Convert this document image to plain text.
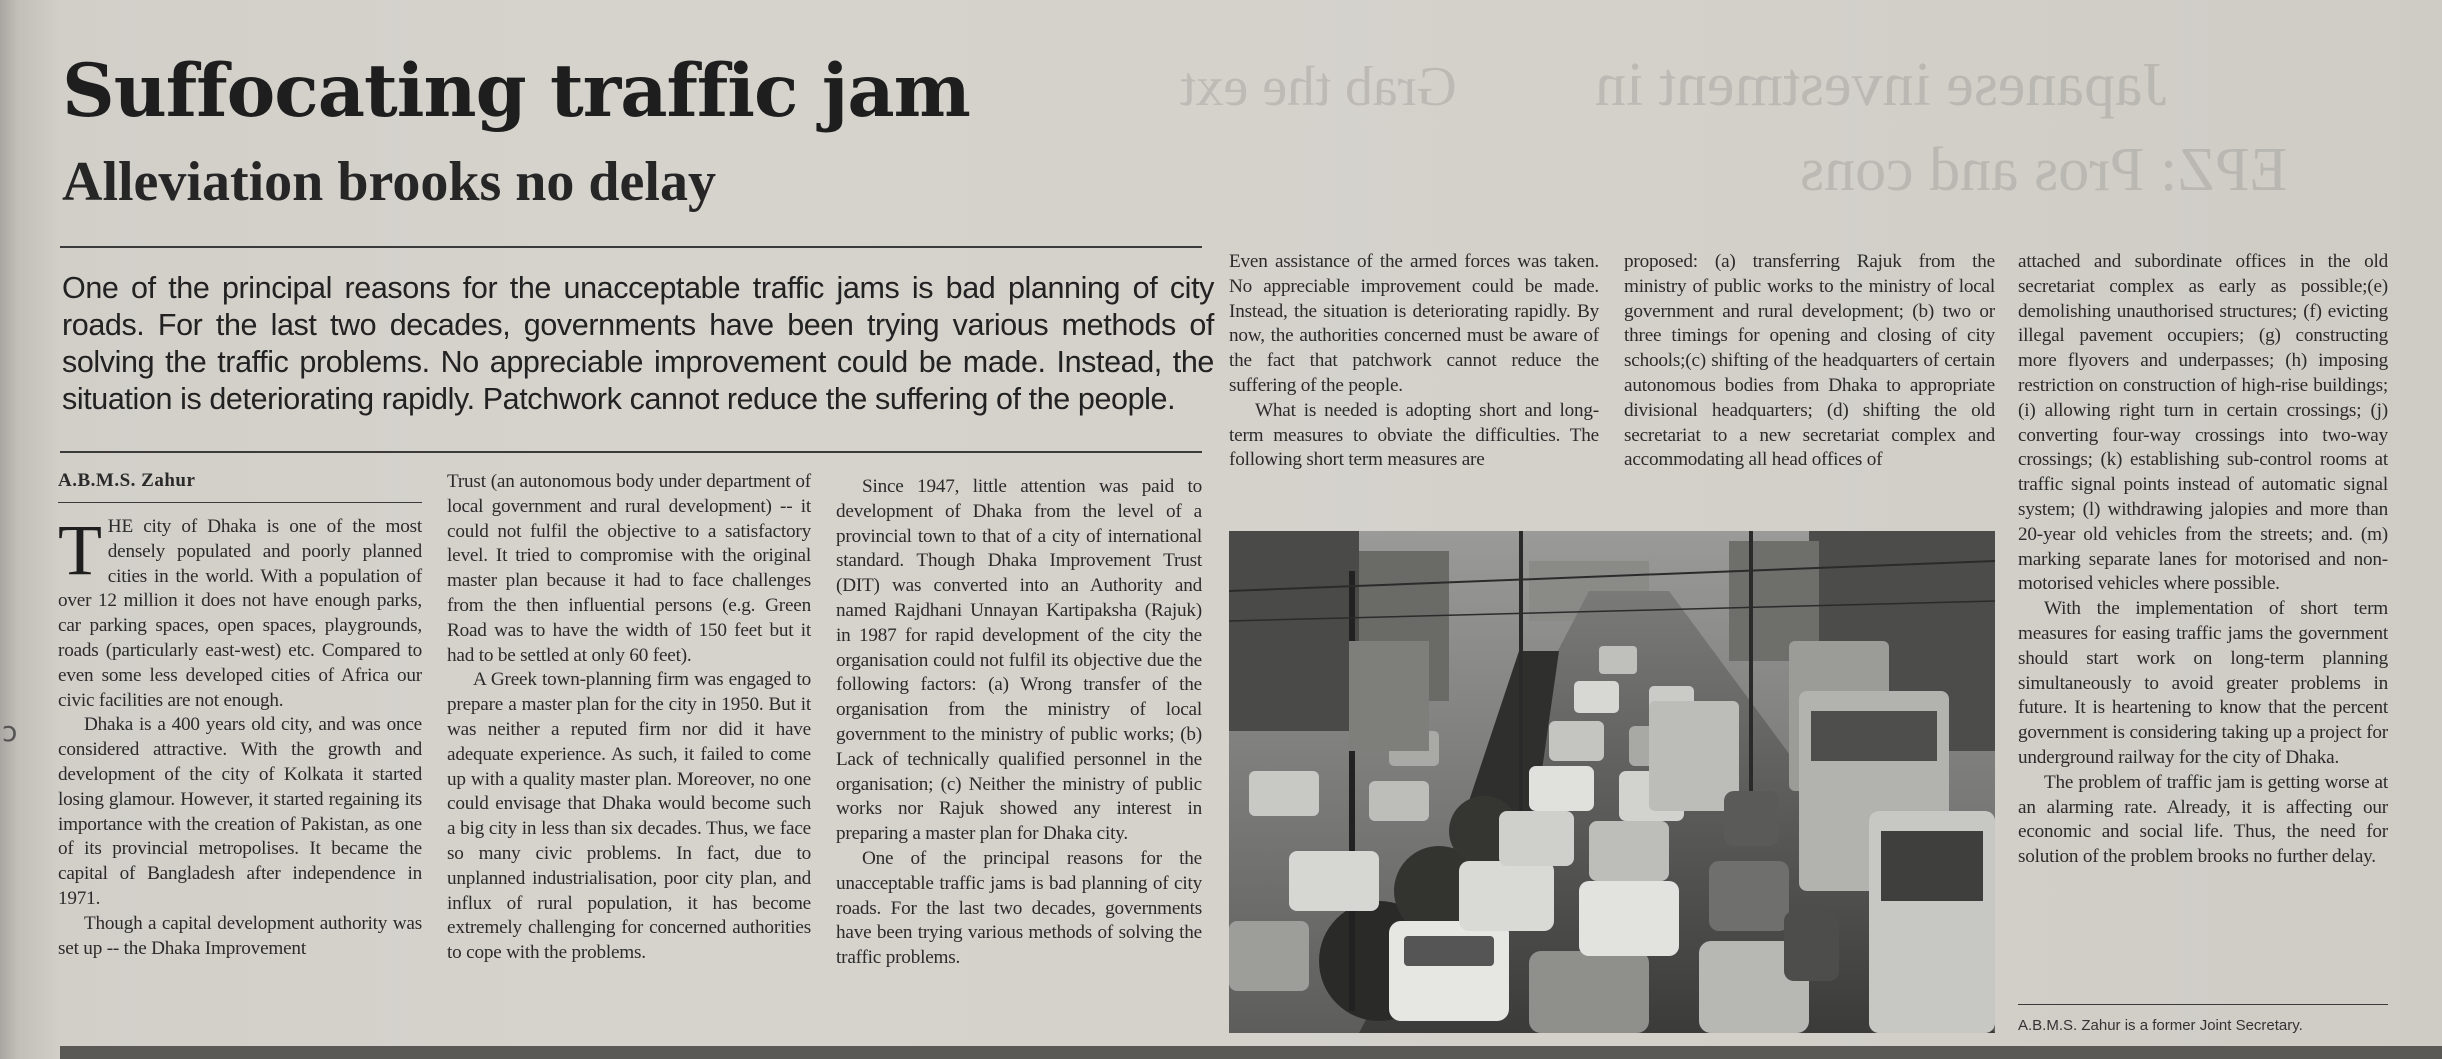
Japanese investment in
EPZ: Pros and cons
Grab the ext
Suffocating traffic jam
Alleviation brooks no delay

One of the principal reasons for the unacceptable traffic jams is bad planning of city roads. For the last two decades, governments have been trying various methods of solving the traffic problems. No appreciable improvement could be made. Instead, the situation is deteriorating rapidly. Patchwork cannot reduce the suffering of the people.

A.B.M.S. Zahur
ↄ

THE city of Dhaka is one of the most densely populated and poorly planned cities in the world. With a population of over 12 million it does not have enough parks, car parking spaces, open spaces, playgrounds, roads (particularly east-west) etc. Compared to even some less developed cities of Africa our civic facilities are not enough.

Dhaka is a 400 years old city, and was once considered attractive. With the growth and development of the city of Kolkata it started losing glamour. However, it started regaining its importance with the creation of Pakistan, as one of its provincial metropolises. It became the capital of Bangladesh after independence in 1971.

Though a capital development authority was set up -- the Dhaka Improvement

Trust (an autonomous body under department of local government and rural development) -- it could not fulfil the objective to a satisfactory level. It tried to compromise with the original master plan because it had to face challenges from the then influential persons (e.g. Green Road was to have the width of 150 feet but it had to be settled at only 60 feet).

A Greek town-planning firm was engaged to prepare a master plan for the city in 1950. But it was neither a reputed firm nor did it have adequate experience. As such, it failed to come up with a quality master plan. Moreover, no one could envisage that Dhaka would become such a big city in less than six decades. Thus, we face so many civic problems. In fact, due to unplanned industrialisation, poor city plan, and influx of rural population, it has become extremely challenging for concerned authorities to cope with the problems.

Since 1947, little attention was paid to development of Dhaka from the level of a provincial town to that of a city of international standard. Though Dhaka Improvement Trust (DIT) was converted into an Authority and named Rajdhani Unnayan Kartipaksha (Rajuk) in 1987 for rapid development of the city the organisation could not fulfil its objective due the following factors: (a) Wrong transfer of the organisation from the ministry of local government to the ministry of public works; (b) Lack of technically qualified personnel in the organisation; (c) Neither the ministry of public works nor Rajuk showed any interest in preparing a master plan for Dhaka city.

One of the principal reasons for the unacceptable traffic jams is bad planning of city roads. For the last two decades, governments have been trying various methods of solving the traffic problems.

Even assistance of the armed forces was taken. No appreciable improvement could be made. Instead, the situation is deteriorating rapidly. By now, the authorities concerned must be aware of the fact that patchwork cannot reduce the suffering of the people.

What is needed is adopting short and long-term measures to obviate the difficulties. The following short term measures are

proposed: (a) transferring Rajuk from the ministry of public works to the ministry of local government and rural development; (b) two or three timings for opening and closing of city schools;(c) shifting of the headquarters of certain autonomous bodies from Dhaka to appropriate divisional headquarters; (d) shifting the old secretariat to a new secretariat complex and accommodating all head offices of

attached and subordinate offices in the old secretariat complex as early as possible;(e) demolishing unauthorised structures; (f) evicting illegal pavement occupiers; (g) constructing more flyovers and underpasses; (h) imposing restriction on construction of high-rise buildings; (i) allowing right turn in certain crossings; (j) converting four-way crossings into two-way crossings; (k) establishing sub-control rooms at traffic signal points instead of automatic signal system; (l) withdrawing jalopies and more than 20-year old vehicles from the streets; and. (m) marking separate lanes for motorised and non-motorised vehicles where possible.

With the implementation of short term measures for easing traffic jams the government should start work on long-term planning simultaneously to avoid greater problems in future. It is heartening to know that the percent government is considering taking up a project for underground railway for the city of Dhaka.

The problem of traffic jam is getting worse at an alarming rate. Already, it is affecting our economic and social life. Thus, the need for solution of the problem brooks no further delay.

A.B.M.S. Zahur is a former Joint Secretary.
